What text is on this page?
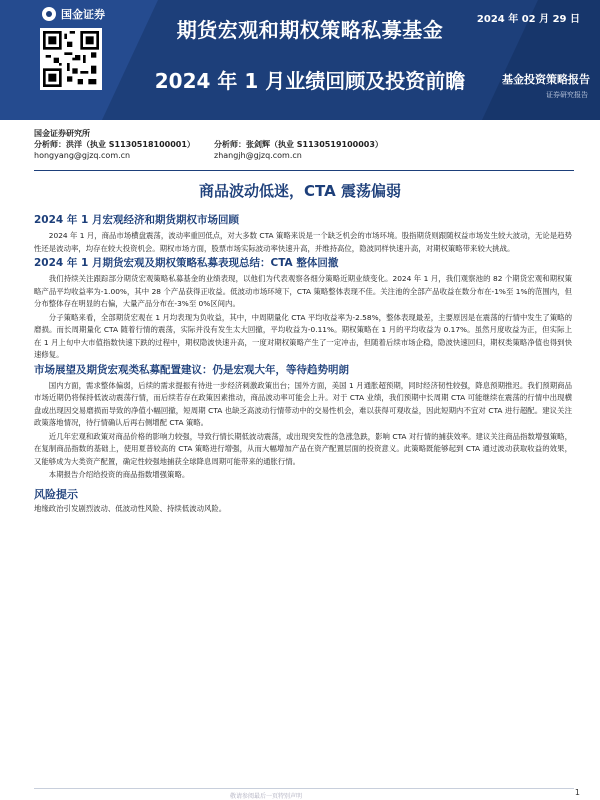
国金证券	2024 年 02 月 29 日
期货宏观和期权策略私募基金
2024 年 1 月业绩回顾及投资前瞻	基金投资策略报告
证券研究报告
国金证券研究所
分析师：洪洋（执业 S1130518100001）
hongyang@gjzq.com.cn
分析师：张剑辉（执业 S1130519100003）
zhangjh@gjzq.com.cn
商品波动低迷，CTA 震荡偏弱
2024 年 1 月宏观经济和期货期权市场回顾

2024 年 1 月，商品市场横盘震荡，波动率重回低点，对大多数 CTA 策略来说是一个缺乏机会的市场环境。股指期货则跟随权益市场发生较大波动，无论是趋势性还是波动率，均存在较大投资机会。期权市场方面，股票市场实际波动率快速升高，并维持高位，隐波同样快速升高，对期权策略带来较大挑战。

2024 年 1 月期货宏观及期权策略私募表现总结：CTA 整体回撤

我们持续关注跟踪部分期货宏观策略私募基金的业绩表现，以他们为代表观察各细分策略近期业绩变化。2024 年 1 月，我们观察池的 82 个期货宏观和期权策略产品平均收益率为-1.00%，其中 28 个产品获得正收益。低波动市场环境下，CTA 策略整体表现不佳。关注池的全部产品收益在数分布在-1%至 1%的范围内，但分布整体存在明显的右偏，大量产品分布在-3%至 0%区间内。

分子策略来看，全部期货宏观在 1 月均表现为负收益，其中，中周期量化 CTA 平均收益率为-2.58%，整体表现最差，主要原因是在震荡的行情中发生了策略的磨损。而长周期量化 CTA 随着行情的震荡，实际并没有发生太大回撤，平均收益为-0.11%。期权策略在 1 月的平均收益为 0.17%。虽然月度收益为正，但实际上在 1 月上旬中大市值指数快速下跌的过程中，期权隐波快速升高，一度对期权策略产生了一定冲击，但随着后续市场企稳，隐波快速回归，期权类策略净值也得到快速修复。

市场展望及期货宏观类私募配置建议：仍是宏观大年，等待趋势明朗

国内方面，需求整体偏弱，后续的需求提振有待进一步经济刺激政策出台；国外方面，美国 1 月通胀超预期，同时经济韧性较强，降息预期推迟。我们预期商品市场近期仍将保持低波动震荡行情，而后续若存在政策因素推动，商品波动率可能会上升。对于 CTA 业绩，我们预期中长周期 CTA 可能继续在震荡的行情中出现横盘或出现因交易磨损而导致的净值小幅回撤，短周期 CTA 也缺乏高波动行情带动中的交易性机会，难以获得可观收益，因此短期内不宜对 CTA 进行超配。建议关注政策落地情况，待行情确认后再右侧增配 CTA 策略。

近几年宏观和政策对商品价格的影响力较强，导致行情长期低波动震荡，或出现突发性的急涨急跌，影响 CTA 对行情的捕获效率。建议关注商品指数增强策略，在复制商品指数的基础上，使用夏普较高的 CTA 策略进行增强，从而大幅增加产品在资产配置层面的投资意义。此策略既能够起到 CTA 通过波动获取收益的效果，又能够成为大类资产配置，确定性较强地捕获全球降息周期可能带来的通胀行情。

本期报告介绍给投资的商品指数增强策略。

风险提示
地缘政治引发剧烈波动、低波动性风险、持续低波动风险。
敬请参阅最后一页特别声明	1
